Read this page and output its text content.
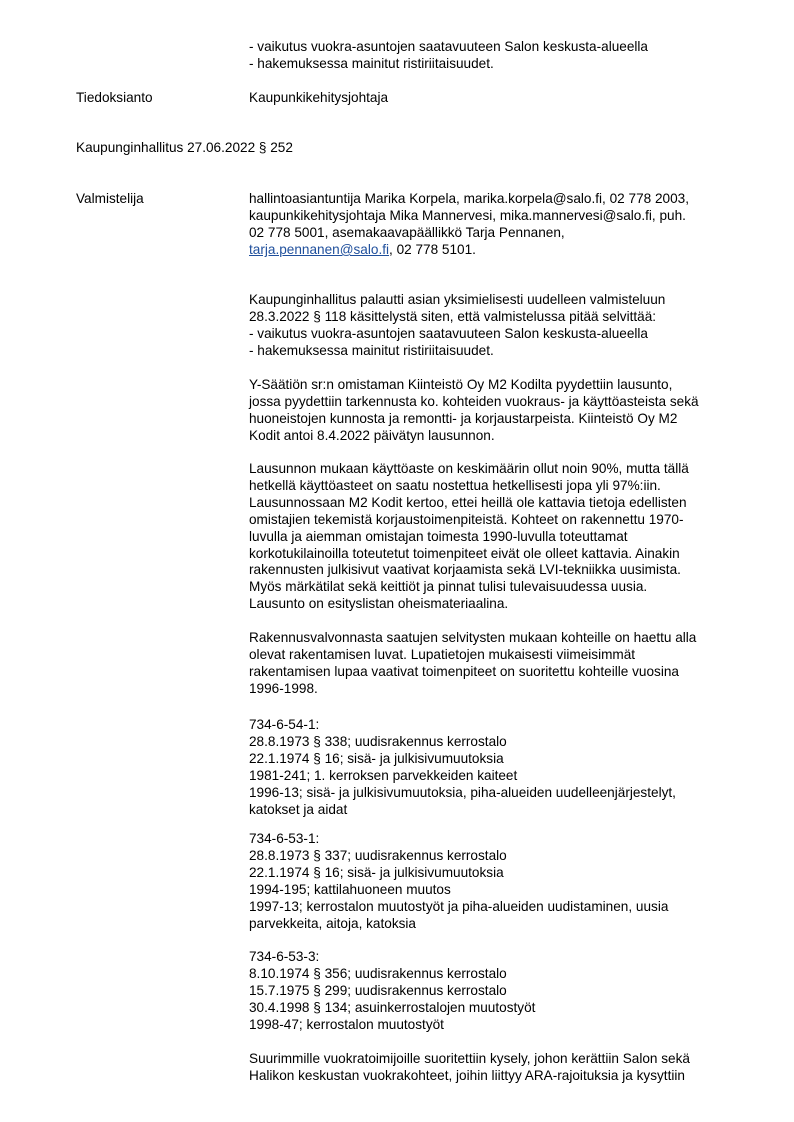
- vaikutus vuokra-asuntojen saatavuuteen Salon keskusta-alueella
- hakemuksessa mainitut ristiriitaisuudet.
Tiedoksianto	Kaupunkikehitysjohtaja
Kaupunginhallitus 27.06.2022 § 252
Valmistelija	hallintoasiantuntija Marika Korpela, marika.korpela@salo.fi, 02 778 2003,
kaupunkikehitysjohtaja Mika Mannervesi, mika.mannervesi@salo.fi, puh.
02 778 5001, asemakaavapäällikkö Tarja Pennanen,
tarja.pennanen@salo.fi, 02 778 5101.
Kaupunginhallitus palautti asian yksimielisesti uudelleen valmisteluun
28.3.2022 § 118 käsittelystä siten, että valmistelussa pitää selvittää:
- vaikutus vuokra-asuntojen saatavuuteen Salon keskusta-alueella
- hakemuksessa mainitut ristiriitaisuudet.
Y-Säätiön sr:n omistaman Kiinteistö Oy M2 Kodilta pyydettiin lausunto,
jossa pyydettiin tarkennusta ko. kohteiden vuokraus- ja käyttöasteista sekä
huoneistojen kunnosta ja remontti- ja korjaustarpeista. Kiinteistö Oy M2
Kodit antoi 8.4.2022 päivätyn lausunnon.
Lausunnon mukaan käyttöaste on keskimäärin ollut noin 90%, mutta tällä
hetkellä käyttöasteet on saatu nostettua hetkellisesti jopa yli 97%:iin.
Lausunnossaan M2 Kodit kertoo, ettei heillä ole kattavia tietoja edellisten
omistajien tekemistä korjaustoimenpiteistä. Kohteet on rakennettu 1970-
luvulla ja aiemman omistajan toimesta 1990-luvulla toteuttamat
korkotukilainoilla toteutetut toimenpiteet eivät ole olleet kattavia. Ainakin
rakennusten julkisivut vaativat korjaamista sekä LVI-tekniikka uusimista.
Myös märkätilat sekä keittiöt ja pinnat tulisi tulevaisuudessa uusia.
Lausunto on esityslistan oheismateriaalina.
Rakennusvalvonnasta saatujen selvitysten mukaan kohteille on haettu alla
olevat rakentamisen luvat. Lupatietojen mukaisesti viimeisimmät
rakentamisen lupaa vaativat toimenpiteet on suoritettu kohteille vuosina
1996-1998.
734-6-54-1:
28.8.1973 § 338; uudisrakennus kerrostalo
22.1.1974 § 16; sisä- ja julkisivumuutoksia
1981-241; 1. kerroksen parvekkeiden kaiteet
1996-13; sisä- ja julkisivumuutoksia, piha-alueiden uudelleenjärjestelyt,
katokset ja aidat
734-6-53-1:
28.8.1973 § 337; uudisrakennus kerrostalo
22.1.1974 § 16; sisä- ja julkisivumuutoksia
1994-195; kattilahuoneen muutos
1997-13; kerrostalon muutostyöt ja piha-alueiden uudistaminen, uusia
parvekkeita, aitoja, katoksia
734-6-53-3:
8.10.1974 § 356; uudisrakennus kerrostalo
15.7.1975 § 299; uudisrakennus kerrostalo
30.4.1998 § 134; asuinkerrostalojen muutostyöt
1998-47; kerrostalon muutostyöt
Suurimmille vuokratoimijoille suoritettiin kysely, johon kerättiin Salon sekä
Halikon keskustan vuokrakohteet, joihin liittyy ARA-rajoituksia ja kysyttiin
